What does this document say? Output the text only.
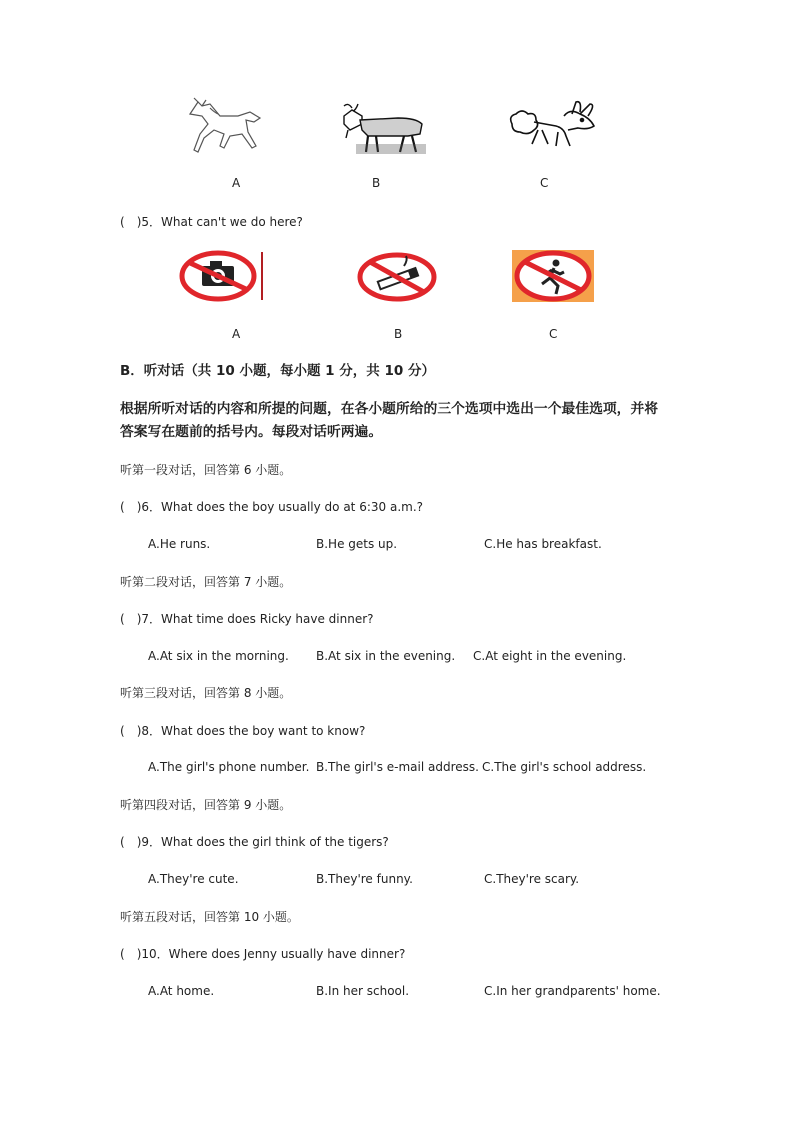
A	B	C
( )5．What can't we do here?
A	B	C
B．听对话（共 10 小题，每小题 1 分，共 10 分）
根据所听对话的内容和所提的问题，在各小题所给的三个选项中选出一个最佳选项，并将
答案写在题前的括号内。每段对话听两遍。
听第一段对话，回答第 6 小题。
( )6．What does the boy usually do at 6:30 a.m.?
A.He runs.	B.He gets up.	C.He has breakfast.
听第二段对话，回答第 7 小题。
( )7．What time does Ricky have dinner?
A.At six in the morning. B.At six in the evening. C.At eight in the evening.
听第三段对话，回答第 8 小题。
( )8．What does the boy want to know?
A.The girl's phone number. B.The girl's e-mail address. C.The girl's school address.
听第四段对话，回答第 9 小题。
( )9．What does the girl think of the tigers?
A.They're cute.	B.They're funny.	C.They're scary.
听第五段对话，回答第 10 小题。
( )10．Where does Jenny usually have dinner?
A.At home.	B.In her school.	C.In her grandparents' home.
